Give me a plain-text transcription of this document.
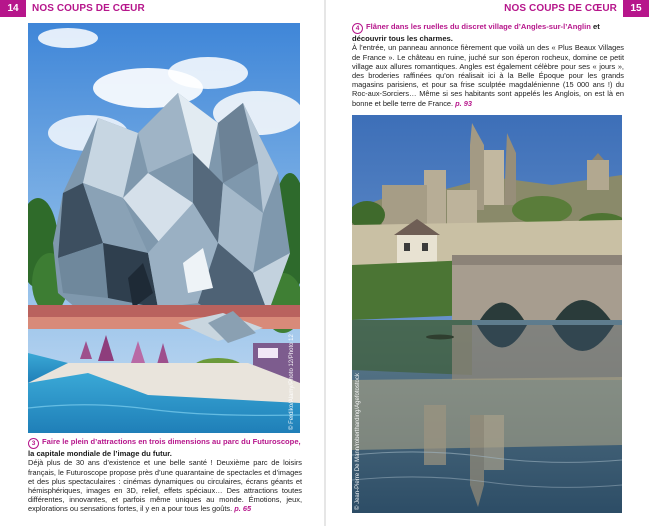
14	NOS COUPS DE CŒUR	NOS COUPS DE CŒUR	15
© Ferdiko/Alamy/Photo 12/Photo 12
3 Faire le plein d’attractions en trois dimensions au parc du Futuroscope, la capitale mondiale de l’image du futur.
Déjà plus de 30 ans d’existence et une belle santé ! Deuxième parc de loisirs français, le Futuroscope propose près d’une quarantaine de spectacles et d’images et des plus spectaculaires : cinémas dynamiques ou circulaires, écrans géants et hémisphériques, images en 3D, relief, effets spéciaux… Des attractions toutes différentes, innovantes, et parfois même uniques au monde. Émotions, jeux, explorations ou sensations fortes, il y en a pour tous les goûts. p. 65
4 Flâner dans les ruelles du discret village d’Angles-sur-l’Anglin et découvrir tous les charmes.
À l’entrée, un panneau annonce fièrement que voilà un des « Plus Beaux Villages de France ». Le château en ruine, juché sur son éperon rocheux, domine ce petit village aux allures romantiques. Angles est également célèbre pour ses « jours », des broderies raffinées qu’on réalisait ici à la Belle Époque pour les grands magasins parisiens, et pour sa frise sculptée magdalénienne (15 000 ans !) du Roc-aux-Sorciers… Même si ses habitants sont appelés les Anglois, on est là en bonne et belle terre de France. p. 93
© Jean-Pierre De Mann/robertharding/Agefotostock
